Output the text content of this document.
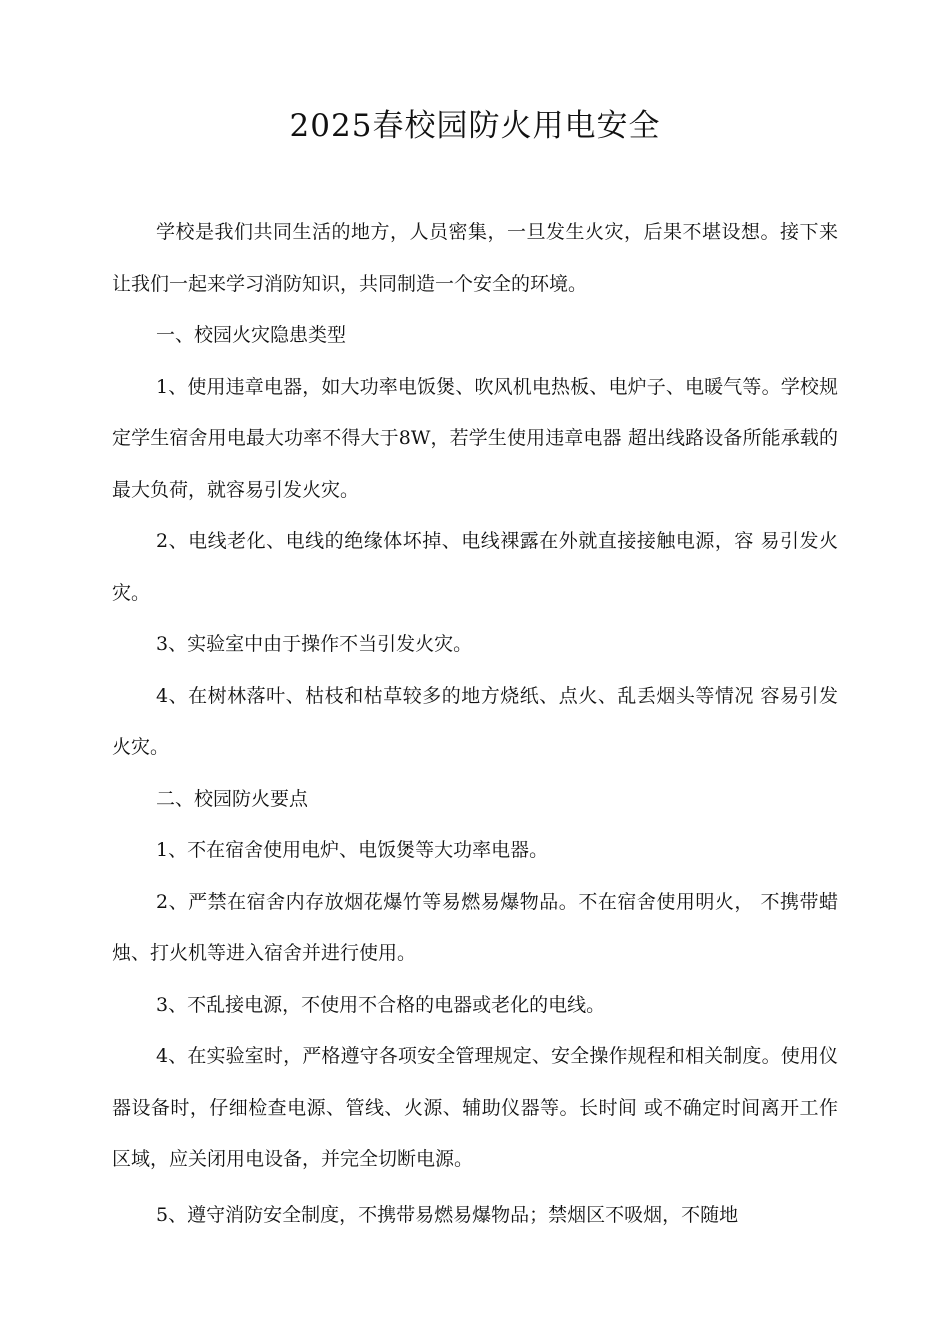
2025春校园防火用电安全

学校是我们共同生活的地方，人员密集，一旦发生火灾，后果不堪设想。接下来让我们一起来学习消防知识，共同制造一个安全的环境。

一、校园火灾隐患类型

1、使用违章电器，如大功率电饭煲、吹风机电热板、电炉子、电暖气等。学校规定学生宿舍用电最大功率不得大于8W，若学生使用违章电器 超出线路设备所能承载的最大负荷，就容易引发火灾。

2、电线老化、电线的绝缘体坏掉、电线裸露在外就直接接触电源，容 易引发火灾。

3、实验室中由于操作不当引发火灾。

4、在树林落叶、枯枝和枯草较多的地方烧纸、点火、乱丢烟头等情况 容易引发火灾。

二、校园防火要点

1、不在宿舍使用电炉、电饭煲等大功率电器。

2、严禁在宿舍内存放烟花爆竹等易燃易爆物品。不在宿舍使用明火， 不携带蜡烛、打火机等进入宿舍并进行使用。

3、不乱接电源，不使用不合格的电器或老化的电线。

4、在实验室时，严格遵守各项安全管理规定、安全操作规程和相关制度。使用仪器设备时，仔细检查电源、管线、火源、辅助仪器等。长时间 或不确定时间离开工作区域，应关闭用电设备，并完全切断电源。

5、遵守消防安全制度，不携带易燃易爆物品；禁烟区不吸烟，不随地
